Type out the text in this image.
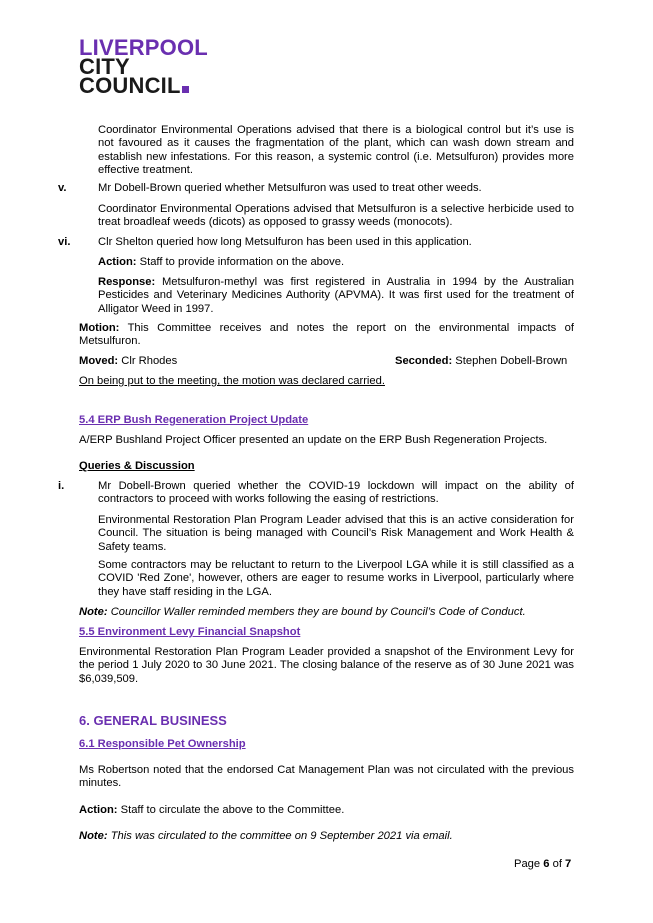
LIVERPOOL
CITY
COUNCIL
Coordinator Environmental Operations advised that there is a biological control but it’s use is not favoured as it causes the fragmentation of the plant, which can wash down stream and establish new infestations. For this reason, a systemic control (i.e. Metsulfuron) provides more effective treatment.
v.	Mr Dobell-Brown queried whether Metsulfuron was used to treat other weeds.
Coordinator Environmental Operations advised that Metsulfuron is a selective herbicide used to treat broadleaf weeds (dicots) as opposed to grassy weeds (monocots).
vi. Clr Shelton queried how long Metsulfuron has been used in this application.
Action: Staff to provide information on the above.
Response: Metsulfuron-methyl was first registered in Australia in 1994 by the Australian Pesticides and Veterinary Medicines Authority (APVMA). It was first used for the treatment of Alligator Weed in 1997.
Motion: This Committee receives and notes the report on the environmental impacts of Metsulfuron.
Moved: Clr Rhodes	Seconded: Stephen Dobell-Brown
On being put to the meeting, the motion was declared carried.
5.4 ERP Bush Regeneration Project Update
A/ERP Bushland Project Officer presented an update on the ERP Bush Regeneration Projects.
Queries & Discussion
i.	Mr Dobell-Brown queried whether the COVID-19 lockdown will impact on the ability of contractors to proceed with works following the easing of restrictions.
Environmental Restoration Plan Program Leader advised that this is an active consideration for Council. The situation is being managed with Council’s Risk Management and Work Health & Safety teams.
Some contractors may be reluctant to return to the Liverpool LGA while it is still classified as a COVID 'Red Zone', however, others are eager to resume works in Liverpool, particularly where they have staff residing in the LGA.
Note: Councillor Waller reminded members they are bound by Council’s Code of Conduct.
5.5 Environment Levy Financial Snapshot
Environmental Restoration Plan Program Leader provided a snapshot of the Environment Levy for the period 1 July 2020 to 30 June 2021. The closing balance of the reserve as of 30 June 2021 was $6,039,509.
6. GENERAL BUSINESS
6.1 Responsible Pet Ownership
Ms Robertson noted that the endorsed Cat Management Plan was not circulated with the previous minutes.
Action: Staff to circulate the above to the Committee.
Note: This was circulated to the committee on 9 September 2021 via email.
Page 6 of 7
